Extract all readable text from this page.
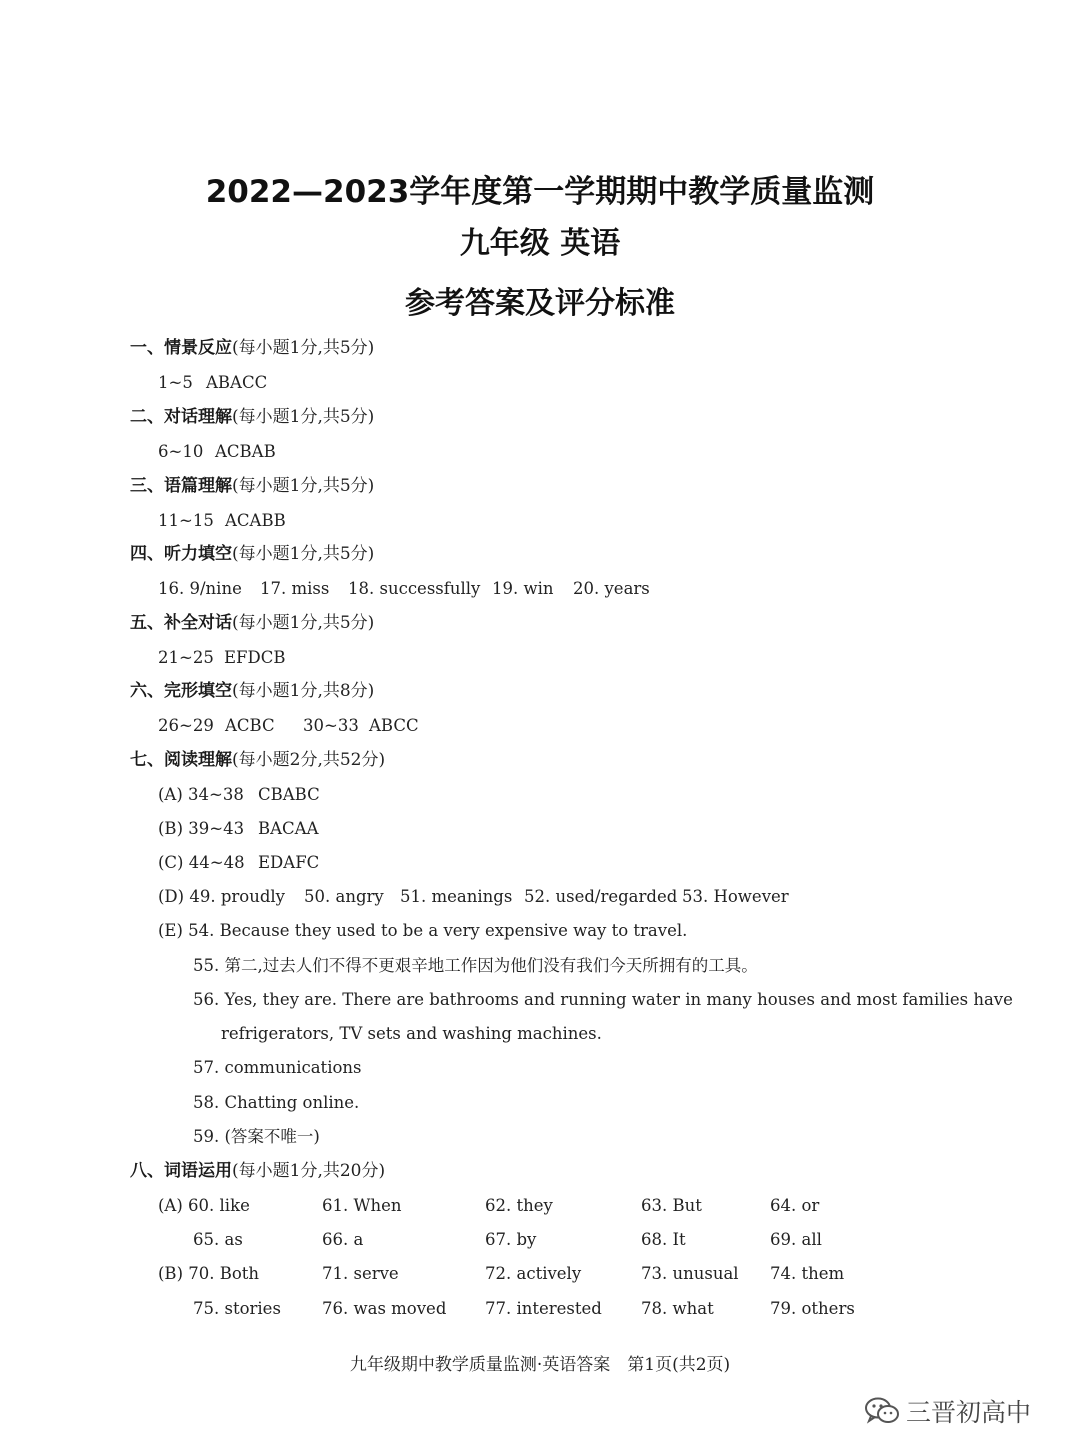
2022—2023学年度第一学期期中教学质量监测
九年级 英语
参考答案及评分标准
一、情景反应(每小题1分,共5分)
1~5 ABACC
二、对话理解(每小题1分,共5分)
6~10 ACBAB
三、语篇理解(每小题1分,共5分)
11~15 ACABB
四、听力填空(每小题1分,共5分)
16. 9/nine 17. miss 18. successfully 19. win 20. years
五、补全对话(每小题1分,共5分)
21~25 EFDCB
六、完形填空(每小题1分,共8分)
26~29 ACBC 30~33 ABCC
七、阅读理解(每小题2分,共52分)
(A) 34~38 CBABC
(B) 39~43 BACAA
(C) 44~48 EDAFC
(D) 49. proudly 50. angry 51. meanings 52. used/regarded 53. However
(E) 54. Because they used to be a very expensive way to travel.
55. 第二,过去人们不得不更艰辛地工作因为他们没有我们今天所拥有的工具。
56. Yes, they are. There are bathrooms and running water in many houses and most families have
refrigerators, TV sets and washing machines.
57. communications
58. Chatting online.
59. (答案不唯一)
八、词语运用(每小题1分,共20分)
(A) 60. like	61. When	62. they	63. But	64. or
65. as	66. a	67. by	68. It	69. all
(B) 70. Both	71. serve	72. actively	73. unusual 74. them
75. stories 76. was moved 77. interested 78. what	79. others
九年级期中教学质量监测·英语答案　第1页(共2页)
三晋初高中
